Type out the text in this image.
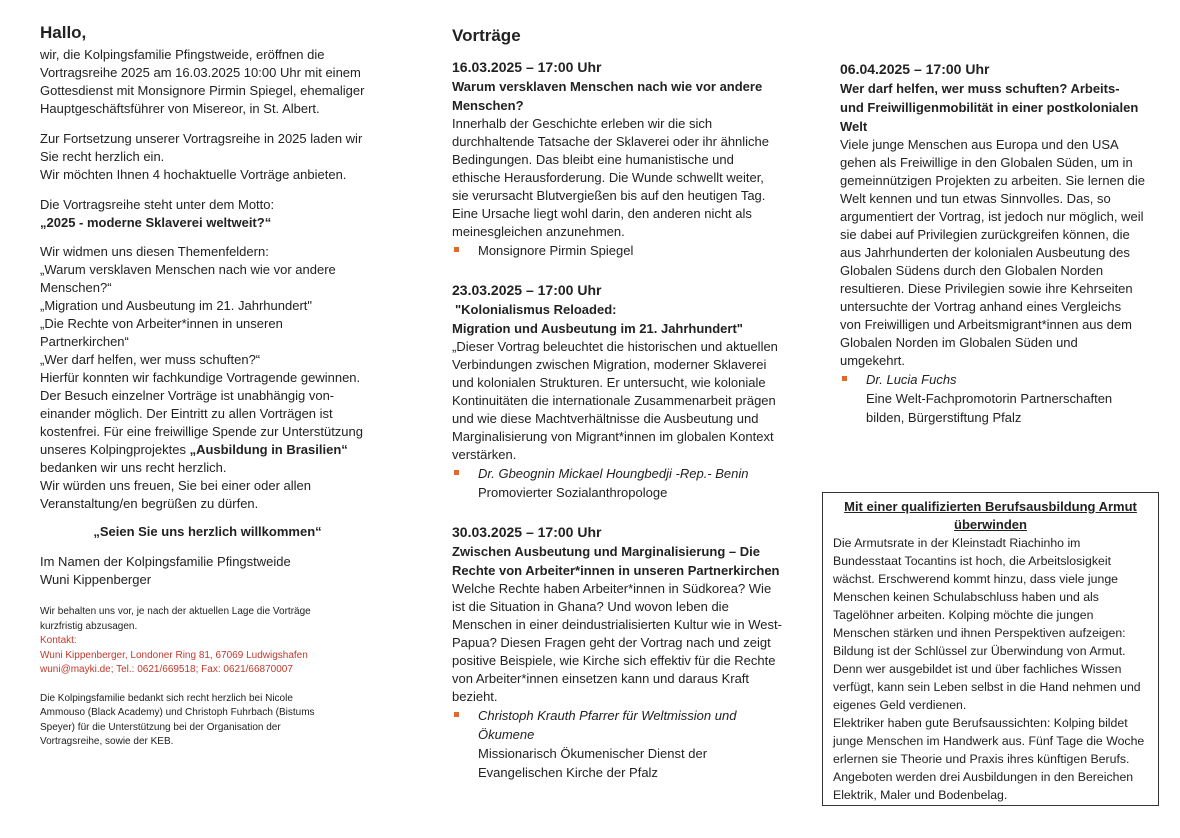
Hallo,

wir, die Kolpingsfamilie Pfingstweide, eröffnen die Vortragsreihe 2025 am 16.03.2025 10:00 Uhr mit einem Gottesdienst mit Monsignore Pirmin Spiegel, ehemaliger Hauptgeschäftsführer von Misereor, in St. Albert.

Zur Fortsetzung unserer Vortragsreihe in 2025 laden wir Sie recht herzlich ein.

Wir möchten Ihnen 4 hochaktuelle Vorträge anbieten.

Die Vortragsreihe steht unter dem Motto:

„2025 - moderne Sklaverei weltweit?“

Wir widmen uns diesen Themenfeldern:

„Warum versklaven Menschen nach wie vor andere Menschen?“

„Migration und Ausbeutung im 21. Jahrhundert"

„Die Rechte von Arbeiter*innen in unseren Partnerkirchen“

„Wer darf helfen, wer muss schuften?“

Hierfür konnten wir fachkundige Vortragende gewinnen.

Der Besuch einzelner Vorträge ist unabhängig von- einander möglich. Der Eintritt zu allen Vorträgen ist kostenfrei. Für eine freiwillige Spende zur Unterstützung unseres Kolpingprojektes „Ausbildung in Brasilien“ bedanken wir uns recht herzlich.

Wir würden uns freuen, Sie bei einer oder allen Veranstaltung/en begrüßen zu dürfen.

„Seien Sie uns herzlich willkommen“

Im Namen der Kolpingsfamilie Pfingstweide

Wuni Kippenberger

Wir behalten uns vor, je nach der aktuellen Lage die Vorträge kurzfristig abzusagen.

Kontakt:

Wuni Kippenberger, Londoner Ring 81, 67069 Ludwigshafen

wuni@mayki.de; Tel.: 0621/669518; Fax: 0621/66870007

Die Kolpingsfamilie bedankt sich recht herzlich bei Nicole Ammouso (Black Academy) und Christoph Fuhrbach (Bistums Speyer) für die Unterstützung bei der Organisation der Vortragsreihe, sowie der KEB.

Vorträge

16.03.2025 – 17:00 Uhr

Warum versklaven Menschen nach wie vor andere Menschen?

Innerhalb der Geschichte erleben wir die sich durchhaltende Tatsache der Sklaverei oder ihr ähnliche Bedingungen. Das bleibt eine humanistische und ethische Herausforderung. Die Wunde schwellt weiter, sie verursacht Blutvergießen bis auf den heutigen Tag. Eine Ursache liegt wohl darin, den anderen nicht als meinesgleichen anzunehmen.

Monsignore Pirmin Spiegel

23.03.2025 – 17:00 Uhr

"Kolonialismus Reloaded:

Migration und Ausbeutung im 21. Jahrhundert"

„Dieser Vortrag beleuchtet die historischen und aktuellen Verbindungen zwischen Migration, moderner Sklaverei und kolonialen Strukturen. Er untersucht, wie koloniale Kontinuitäten die internationale Zusammenarbeit prägen und wie diese Machtverhältnisse die Ausbeutung und Marginalisierung von Migrant*innen im globalen Kontext verstärken.

Dr. Gbeognin Mickael Houngbedji -Rep.- Benin
Promovierter Sozialanthropologe

30.03.2025 – 17:00 Uhr

Zwischen Ausbeutung und Marginalisierung – Die Rechte von Arbeiter*innen in unseren Partnerkirchen

Welche Rechte haben Arbeiter*innen in Südkorea? Wie ist die Situation in Ghana? Und wovon leben die Menschen in einer deindustrialisierten Kultur wie in West-Papua? Diesen Fragen geht der Vortrag nach und zeigt positive Beispiele, wie Kirche sich effektiv für die Rechte von Arbeiter*innen einsetzen kann und daraus Kraft bezieht.

Christoph Krauth Pfarrer für Weltmission und Ökumene
Missionarisch Ökumenischer Dienst der Evangelischen Kirche der Pfalz

06.04.2025 – 17:00 Uhr

Wer darf helfen, wer muss schuften? Arbeits- und Freiwilligenmobilität in einer postkolonialen Welt

Viele junge Menschen aus Europa und den USA gehen als Freiwillige in den Globalen Süden, um in gemeinnützigen Projekten zu arbeiten. Sie lernen die Welt kennen und tun etwas Sinnvolles. Das, so argumentiert der Vortrag, ist jedoch nur möglich, weil sie dabei auf Privilegien zurückgreifen können, die aus Jahrhunderten der kolonialen Ausbeutung des Globalen Südens durch den Globalen Norden resultieren. Diese Privilegien sowie ihre Kehrseiten untersuchte der Vortrag anhand eines Vergleichs von Freiwilligen und Arbeitsmigrant*innen aus dem Globalen Norden im Globalen Süden und umgekehrt.

Dr. Lucia Fuchs
Eine Welt-Fachpromotorin Partnerschaften bilden, Bürgerstiftung Pfalz

Mit einer qualifizierten Berufsausbildung Armut überwinden

Die Armutsrate in der Kleinstadt Riachinho im Bundesstaat Tocantins ist hoch, die Arbeitslosigkeit wächst. Erschwerend kommt hinzu, dass viele junge Menschen keinen Schulabschluss haben und als Tagelöhner arbeiten. Kolping möchte die jungen Menschen stärken und ihnen Perspektiven aufzeigen: Bildung ist der Schlüssel zur Überwindung von Armut. Denn wer ausgebildet ist und über fachliches Wissen verfügt, kann sein Leben selbst in die Hand nehmen und eigenes Geld verdienen.

Elektriker haben gute Berufsaussichten: Kolping bildet junge Menschen im Handwerk aus. Fünf Tage die Woche erlernen sie Theorie und Praxis ihres künftigen Berufs. Angeboten werden drei Ausbildungen in den Bereichen Elektrik, Maler und Bodenbelag.
